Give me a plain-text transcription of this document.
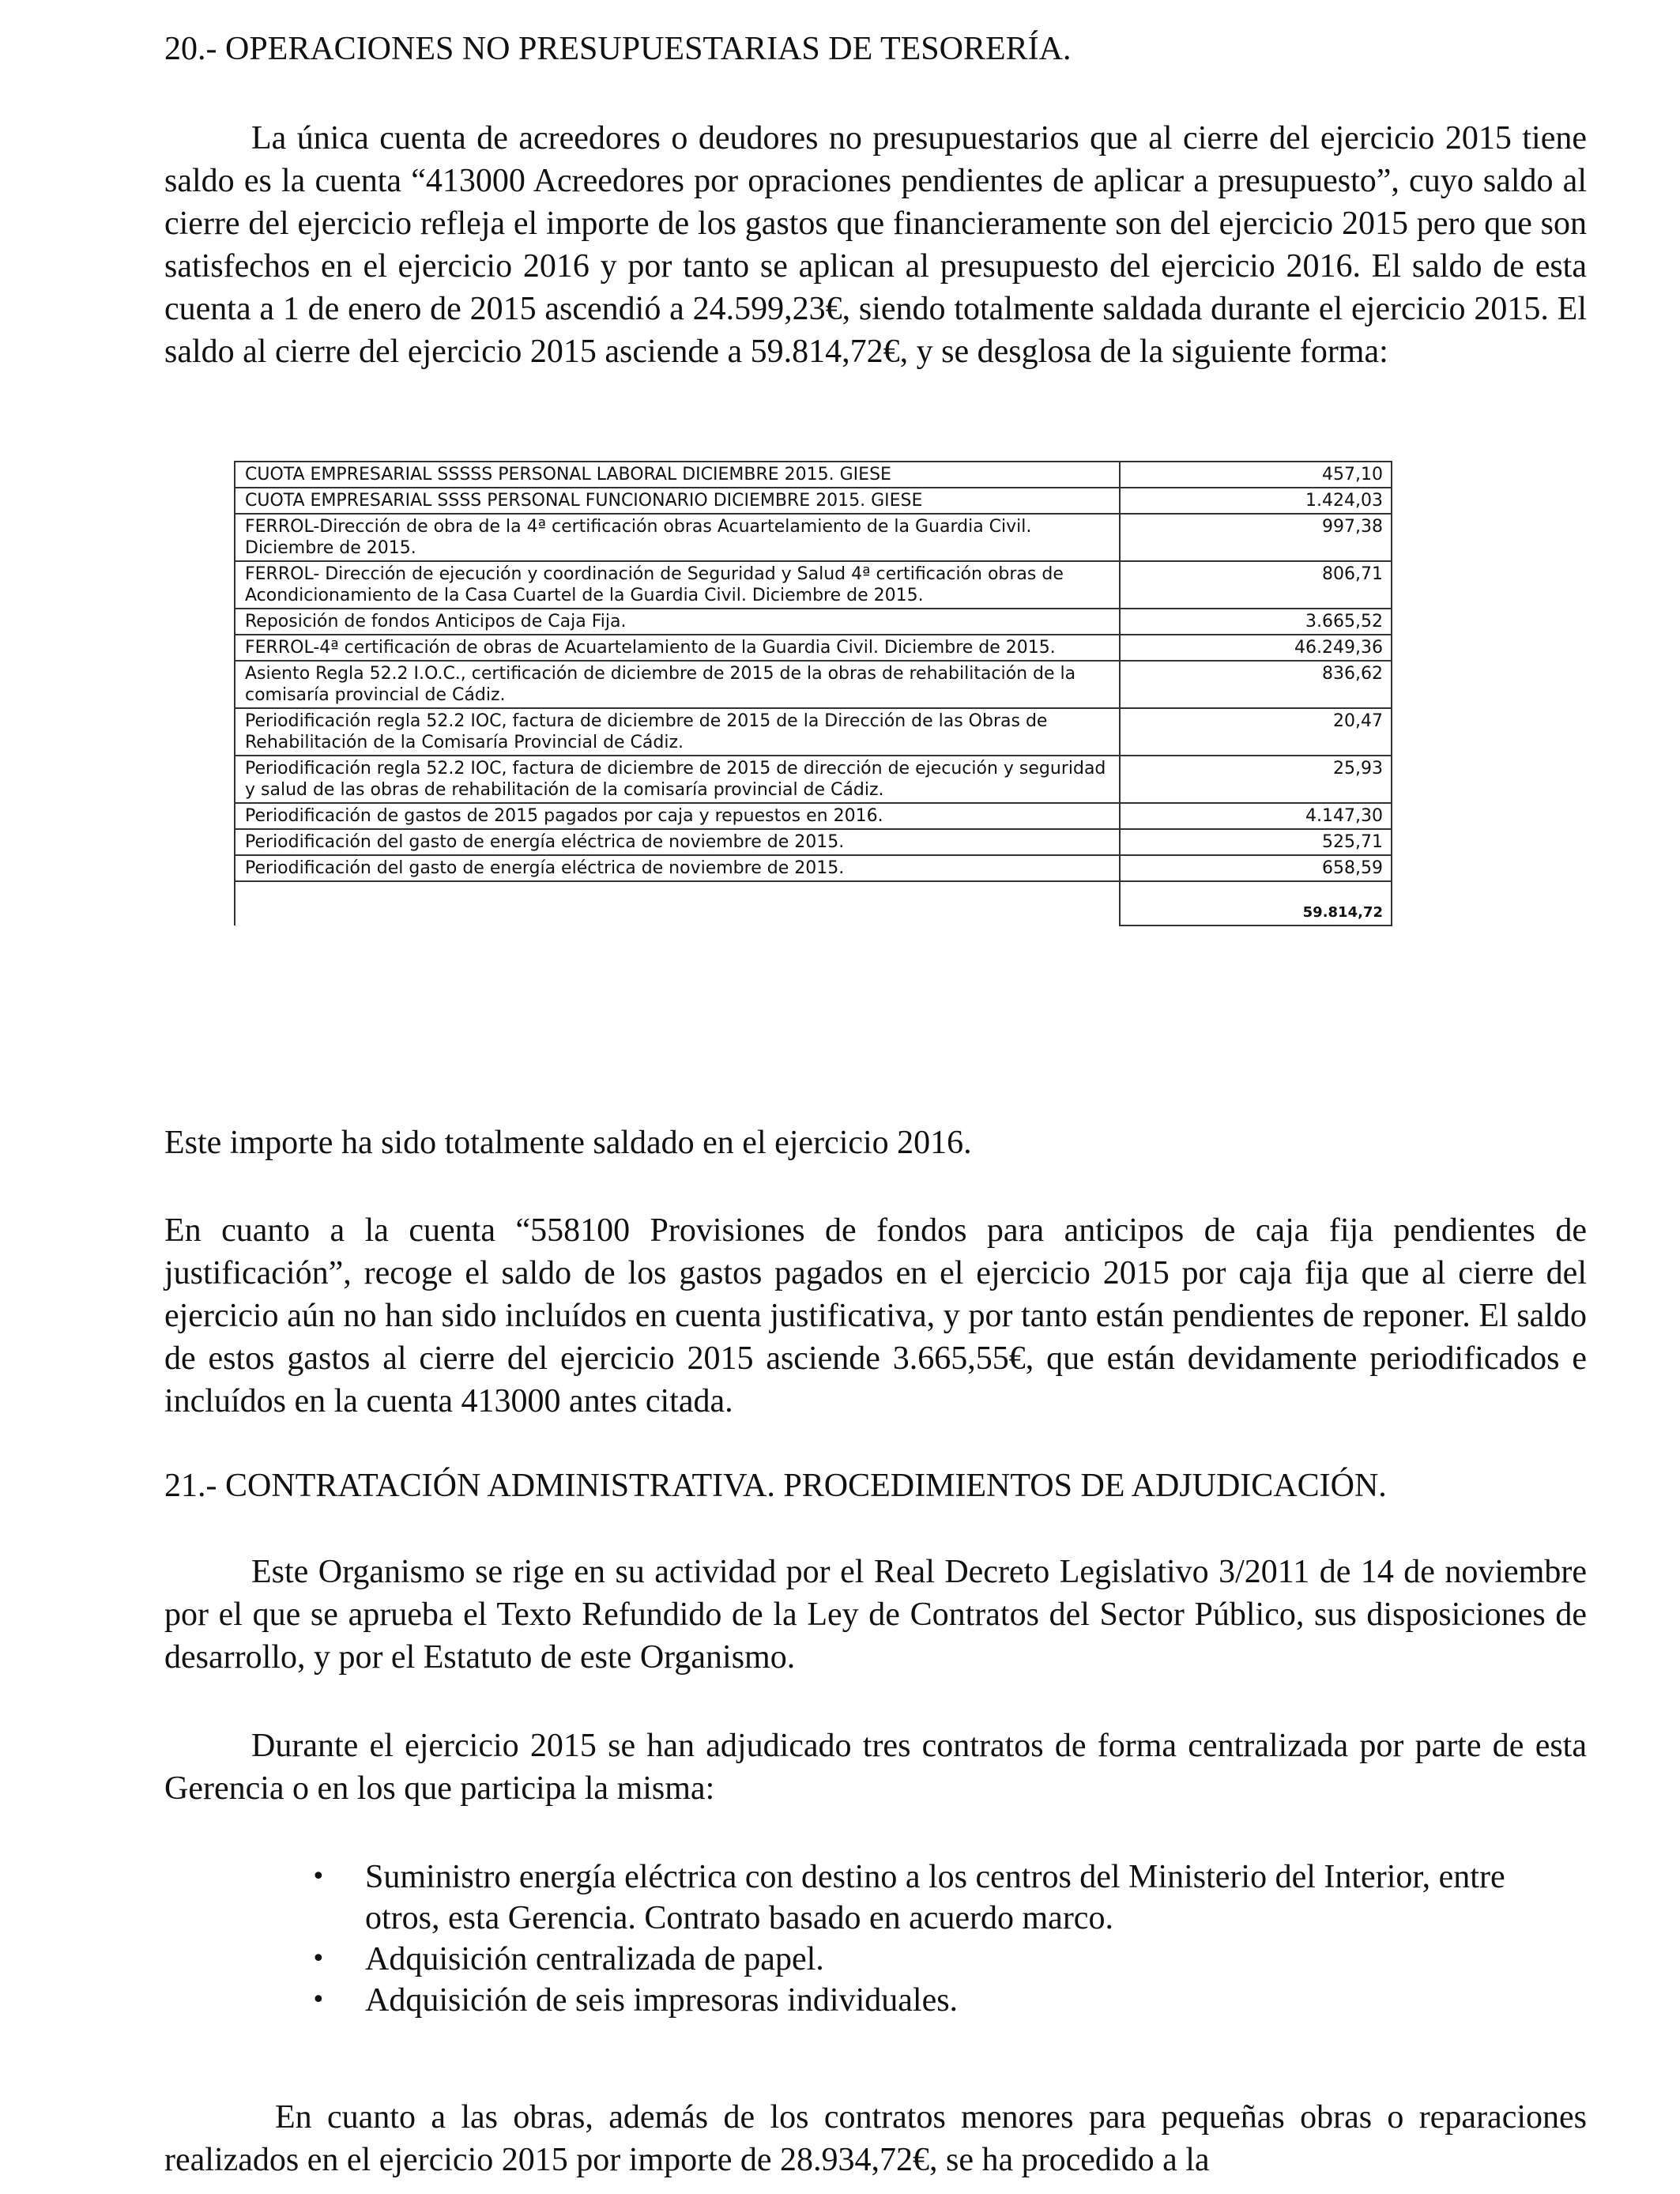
20.- OPERACIONES NO PRESUPUESTARIAS DE TESORERÍA.
La única cuenta de acreedores o deudores no presupuestarios que al cierre del ejercicio 2015 tiene saldo es la cuenta “413000 Acreedores por opraciones pendientes de aplicar a presupuesto”, cuyo saldo al cierre del ejercicio refleja el importe de los gastos que financieramente son del ejercicio 2015 pero que son satisfechos en el ejercicio 2016 y por tanto se aplican al presupuesto del ejercicio 2016. El saldo de esta cuenta a 1 de enero de 2015 ascendió a 24.599,23€, siendo totalmente saldada durante el ejercicio 2015. El saldo al cierre del ejercicio 2015 asciende a 59.814,72€, y se desglosa de la siguiente forma:
CUOTA EMPRESARIAL SSSSS PERSONAL LABORAL DICIEMBRE 2015. GIESE	457,10
CUOTA EMPRESARIAL SSSS PERSONAL FUNCIONARIO DICIEMBRE 2015. GIESE	1.424,03
FERROL-Dirección de obra de la 4ª certificación obras Acuartelamiento de la Guardia Civil. Diciembre de 2015.	997,38
FERROL- Dirección de ejecución y coordinación de Seguridad y Salud 4ª certificación obras de Acondicionamiento de la Casa Cuartel de la Guardia Civil. Diciembre de 2015.	806,71
Reposición de fondos Anticipos de Caja Fija.	3.665,52
FERROL-4ª certificación de obras de Acuartelamiento de la Guardia Civil. Diciembre de 2015.	46.249,36
Asiento Regla 52.2 I.O.C., certificación de diciembre de 2015 de la obras de rehabilitación de la comisaría provincial de Cádiz.	836,62
Periodificación regla 52.2 IOC, factura de diciembre de 2015 de la Dirección de las Obras de Rehabilitación de la Comisaría Provincial de Cádiz.	20,47
Periodificación regla 52.2 IOC, factura de diciembre de 2015 de dirección de ejecución y seguridad y salud de las obras de rehabilitación de la comisaría provincial de Cádiz.	25,93
Periodificación de gastos de 2015 pagados por caja y repuestos en 2016.	4.147,30
Periodificación del gasto de energía eléctrica de noviembre de 2015.	525,71
Periodificación del gasto de energía eléctrica de noviembre de 2015.	658,59
	59.814,72
Este importe ha sido totalmente saldado en el ejercicio 2016.
En cuanto a la cuenta “558100 Provisiones de fondos para anticipos de caja fija pendientes de justificación”, recoge el saldo de los gastos pagados en el ejercicio 2015 por caja fija que al cierre del ejercicio aún no han sido incluídos en cuenta justificativa, y por tanto están pendientes de reponer. El saldo de estos gastos al cierre del ejercicio 2015 asciende 3.665,55€, que están devidamente periodificados e incluídos en la cuenta 413000 antes citada.
21.- CONTRATACIÓN ADMINISTRATIVA. PROCEDIMIENTOS DE ADJUDICACIÓN.
Este Organismo se rige en su actividad por el Real Decreto Legislativo 3/2011 de 14 de noviembre por el que se aprueba el Texto Refundido de la Ley de Contratos del Sector Público, sus disposiciones de desarrollo, y por el Estatuto de este Organismo.
Durante el ejercicio 2015 se han adjudicado tres contratos de forma centralizada por parte de esta Gerencia o en los que participa la misma:
• Suministro energía eléctrica con destino a los centros del Ministerio del Interior, entre otros, esta Gerencia. Contrato basado en acuerdo marco.
• Adquisición centralizada de papel.
• Adquisición de seis impresoras individuales.
En cuanto a las obras, además de los contratos menores para pequeñas obras o reparaciones realizados en el ejercicio 2015 por importe de 28.934,72€, se ha procedido a la
